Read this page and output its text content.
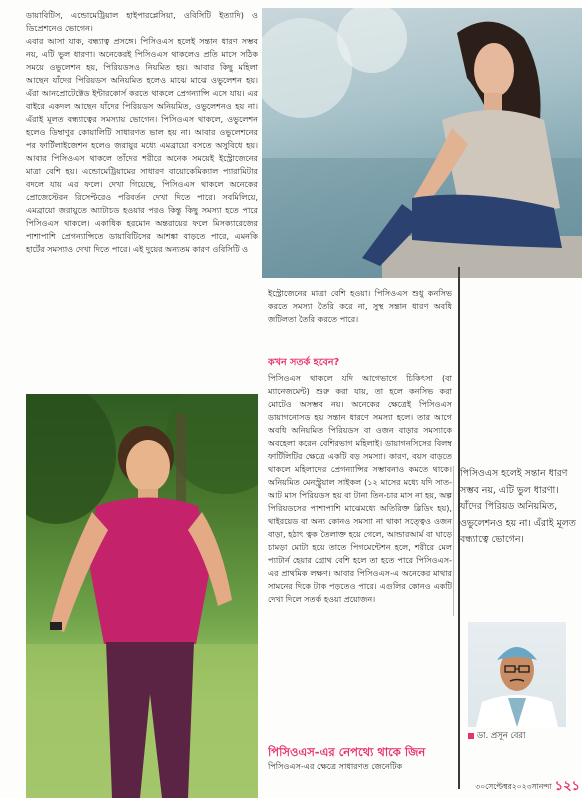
ডায়াবিটিস, এন্ডোমেট্রিয়াল হাইপারপ্লেসিয়া, ওবিসিটি ইত্যাদি) ও ডিপ্রেশনেও ভোগেন।

এবার আসা যাক, বন্ধ্যাত্ব প্রসঙ্গে। পিসিওএস হলেই সন্তান ধারণ সম্ভব নয়, এটি ভুল ধারণা। অনেকেরই পিসিওএস থাকলেও প্রতি মাসে সঠিক সময়ে ওভুলেশন হয়, পিরিয়ডসও নিয়মিত হয়। আবার কিছু মহিলা আছেন যাঁদের পিরিয়ডস অনিয়মিত হলেও মাঝে মাঝে ওভুলেশন হয়। এঁরা আনপ্রোটেক্টেড ইন্টারকোর্স করতে থাকলে প্রেগন্যান্সি এসে যায়। এর বাইরে একদল আছেন যাঁদের পিরিয়ডস অনিয়মিত, ওভুলেশনও হয় না। এঁরাই মূলত বন্ধ্যাত্বের সমস্যায় ভোগেন। পিসিওএস থাকলে, ওভুলেশন হলেও ডিম্বাণুর কোয়ালিটি সাধারণত ভাল হয় না। আবার ওভুলেশনের পর ফার্টিলাইজেশন হলেও জরায়ুর মধ্যে এমব্রায়ো বসতে অসুবিধে হয়। আবার পিসিওএস থাকলে তাঁদের শরীরে অনেক সময়েই ইস্ট্রোজেনের মাত্রা বেশি হয়। এন্ডোমেট্রিয়ামের সাধারণ বায়োকেমিক্যাল প্যারামিটার বদলে যায় এর ফলে। দেখা গিয়েছে, পিসিওএস থাকলে অনেকের প্রোজেস্টেরন রিসেপ্টরেও পরিবর্তন দেখা দিতে পারে। সবমিলিয়ে, এমব্রায়ো জরায়ুতে অ্যাটাচড হওয়ার পরও কিন্তু কিছু সমস্যা হতে পারে পিসিওএস থাকলে। একাধিক হরমোন অন্তরায়ের ফলে মিসক্যারেজের পাশাপাশি প্রেগন্যান্সিতে ডায়াবিটিসের আশঙ্কা বাড়তে পারে, এমনকি হার্টের সমস্যাও দেখা দিতে পারে। এই দুয়ের অন্যতম কারণ ওবিসিটি ও

ইস্ট্রোজেনের মাত্রা বেশি হওয়া। পিসিওএস শুধু কনসিভ করতে সমস্যা তৈরি করে না, সুস্থ সন্তান ধারণ অবধি জটিলতা তৈরি করতে পারে।

কখন সতর্ক হবেন?

পিসিওএস থাকলে যদি আগেভাগে চিকিৎসা (বা ম্যানেজমেন্ট) শুরু করা যায়, তা হলে কনসিভ করা মোটেও অসম্ভব নয়। অনেকের ক্ষেত্রেই পিসিওএস ডায়াগনোসড হয় সন্তান ধারণে সমস্যা হলে। তার আগে অবধি অনিয়মিত পিরিয়ডস বা ওজন বাড়ার সমস্যাকে অবহেলা করেন বেশিরভাগ মহিলাই। ডায়াগনসিসের বিলম্ব ফার্টিলিটির ক্ষেত্রে একটি বড় সমস্যা। কারণ, বয়স বাড়তে থাকলে মহিলাদের প্রেগন্যান্সির সম্ভাবনাও কমতে থাকে। অনিয়মিত মেনস্ট্রুয়াল সাইকল (১২ মাসের মধ্যে যদি সাত-আট মাস পিরিয়ডস হয় বা টানা তিন-চার মাস না হয়, অল্প পিরিয়ডসের পাশাপাশি মাঝেমধ্যে অতিরিক্ত ব্লিডিং হয়), থাইরয়েড বা অন্য কোনও সমস্যা না থাকা সত্ত্বেও ওজন বাড়া, হঠাৎ ত্বক তৈলাক্ত হয়ে গেলে, আন্ডারআর্ম বা ঘাড়ে চামড়া মোটা হয়ে তাতে পিগমেন্টেশন হলে, শরীরে মেল প্যাটার্ন হেয়ার গ্রোথ বেশি হলে তা হতে পারে পিসিওএস-এর প্রাথমিক লক্ষণ। আবার পিসিওএস-এ অনেকের মাথার সামনের দিকে টাক পড়তেও পারে। এগুলির কোনও একটি দেখা দিলে সতর্ক হওয়া প্রয়োজন।

পিসিওএস-এর নেপথ্যে থাকে জিন

পিসিওএস-এর ক্ষেত্রে সাধারণত জেনেটিক

পিসিওএস হলেই সন্তান ধারণ সম্ভব নয়, এটি ভুল ধারণা। যাঁদের পিরিয়ড অনিয়মিত, ওভুলেশনও হয় না। এঁরাই মূলত বন্ধ্যাত্বে ভোগেন।

ডা. প্রসূন বেরা
৩০সেপ্টেম্বর২০২৩সানন্দা ১২১
